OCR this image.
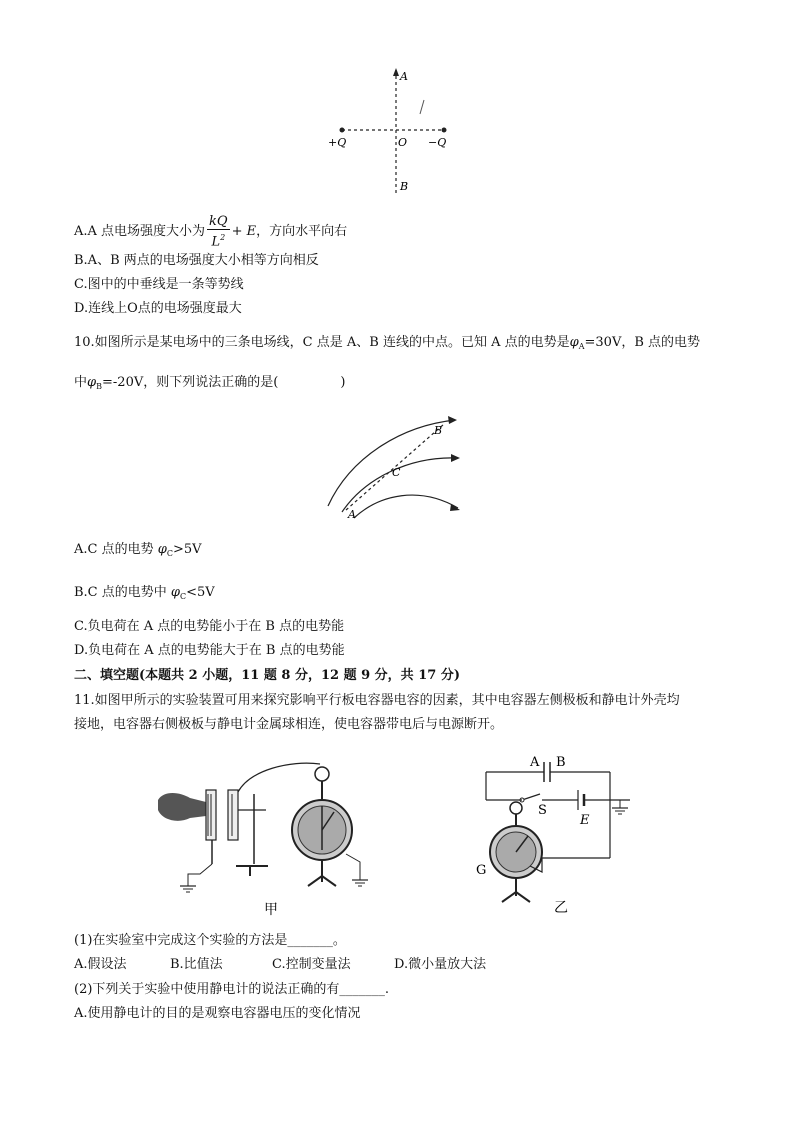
A
B
O
+Q	−Q
A.A 点电场强度大小为 $\frac{kQ}{L^2} + E$，方向水平向右
B.A、B 两点的电场强度大小相等方向相反
C.图中的中垂线是一条等势线
D.连线上O点的电场强度最大
10.如图所示是某电场中的三条电场线，C 点是 A、B 连线的中点。已知 A 点的电势是$\varphi_A=30V$，B 点的电势
中$\varphi_B=-20V$，则下列说法正确的是(	)
A
B
C
A.C 点的电势 $\varphi_C>5V$
B.C 点的电势中 $\varphi_C<5V$
C.负电荷在 A 点的电势能小于在 B 点的电势能
D.负电荷在 A 点的电势能大于在 B 点的电势能
二、填空题(本题共 2 小题，11 题 8 分，12 题 9 分，共 17 分)
11.如图甲所示的实验装置可用来探究影响平行板电容器电容的因素，其中电容器左侧极板和静电计外壳均
接地，电容器右侧极板与静电计金属球相连，使电容器带电后与电源断开。
甲
A B
S
E
G
乙
(1)在实验室中完成这个实验的方法是_______。
A.假设法	B.比值法	C.控制变量法	D.微小量放大法
(2)下列关于实验中使用静电计的说法正确的有_______.
A.使用静电计的目的是观察电容器电压的变化情况
